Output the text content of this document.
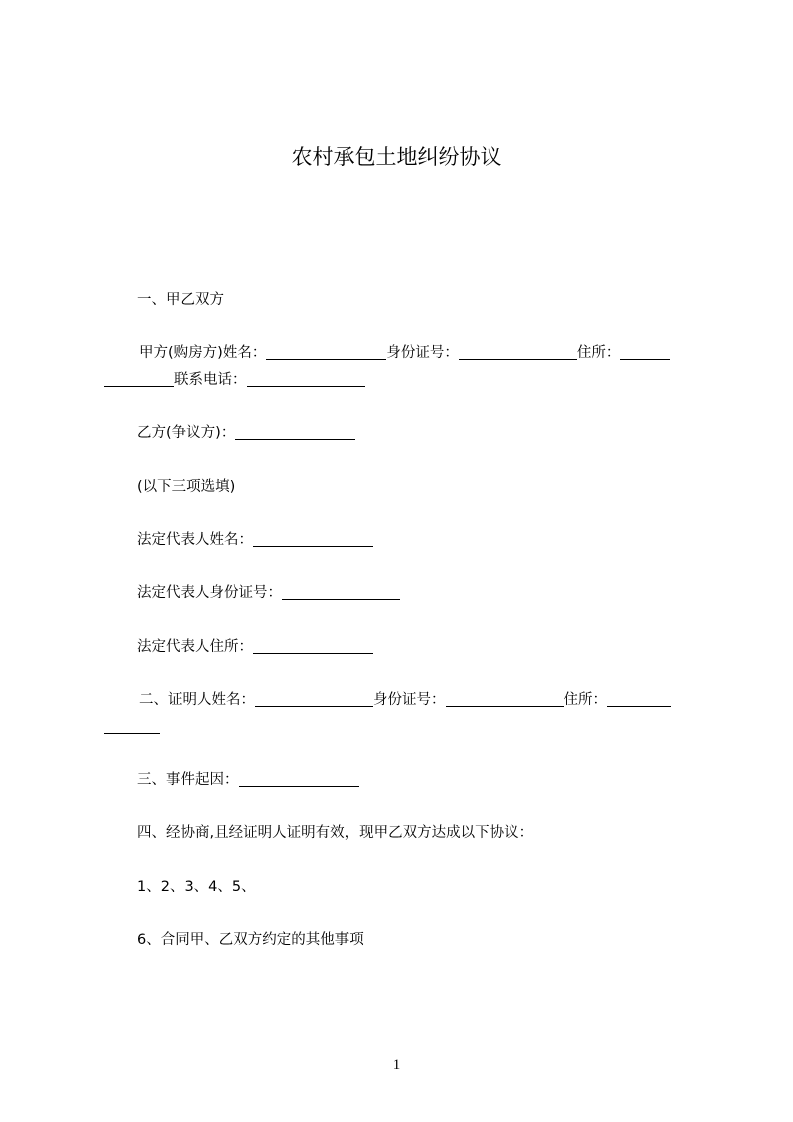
农村承包土地纠纷协议
一、甲乙双方
甲方(购房方)姓名：	身份证号：	住所：
联系电话：
乙方(争议方)：
(以下三项选填)
法定代表人姓名：
法定代表人身份证号：
法定代表人住所：
二、证明人姓名：	身份证号：	住所：
三、事件起因：
四、经协商,且经证明人证明有效，现甲乙双方达成以下协议：
1、2、3、4、5、
6、合同甲、乙双方约定的其他事项
1
